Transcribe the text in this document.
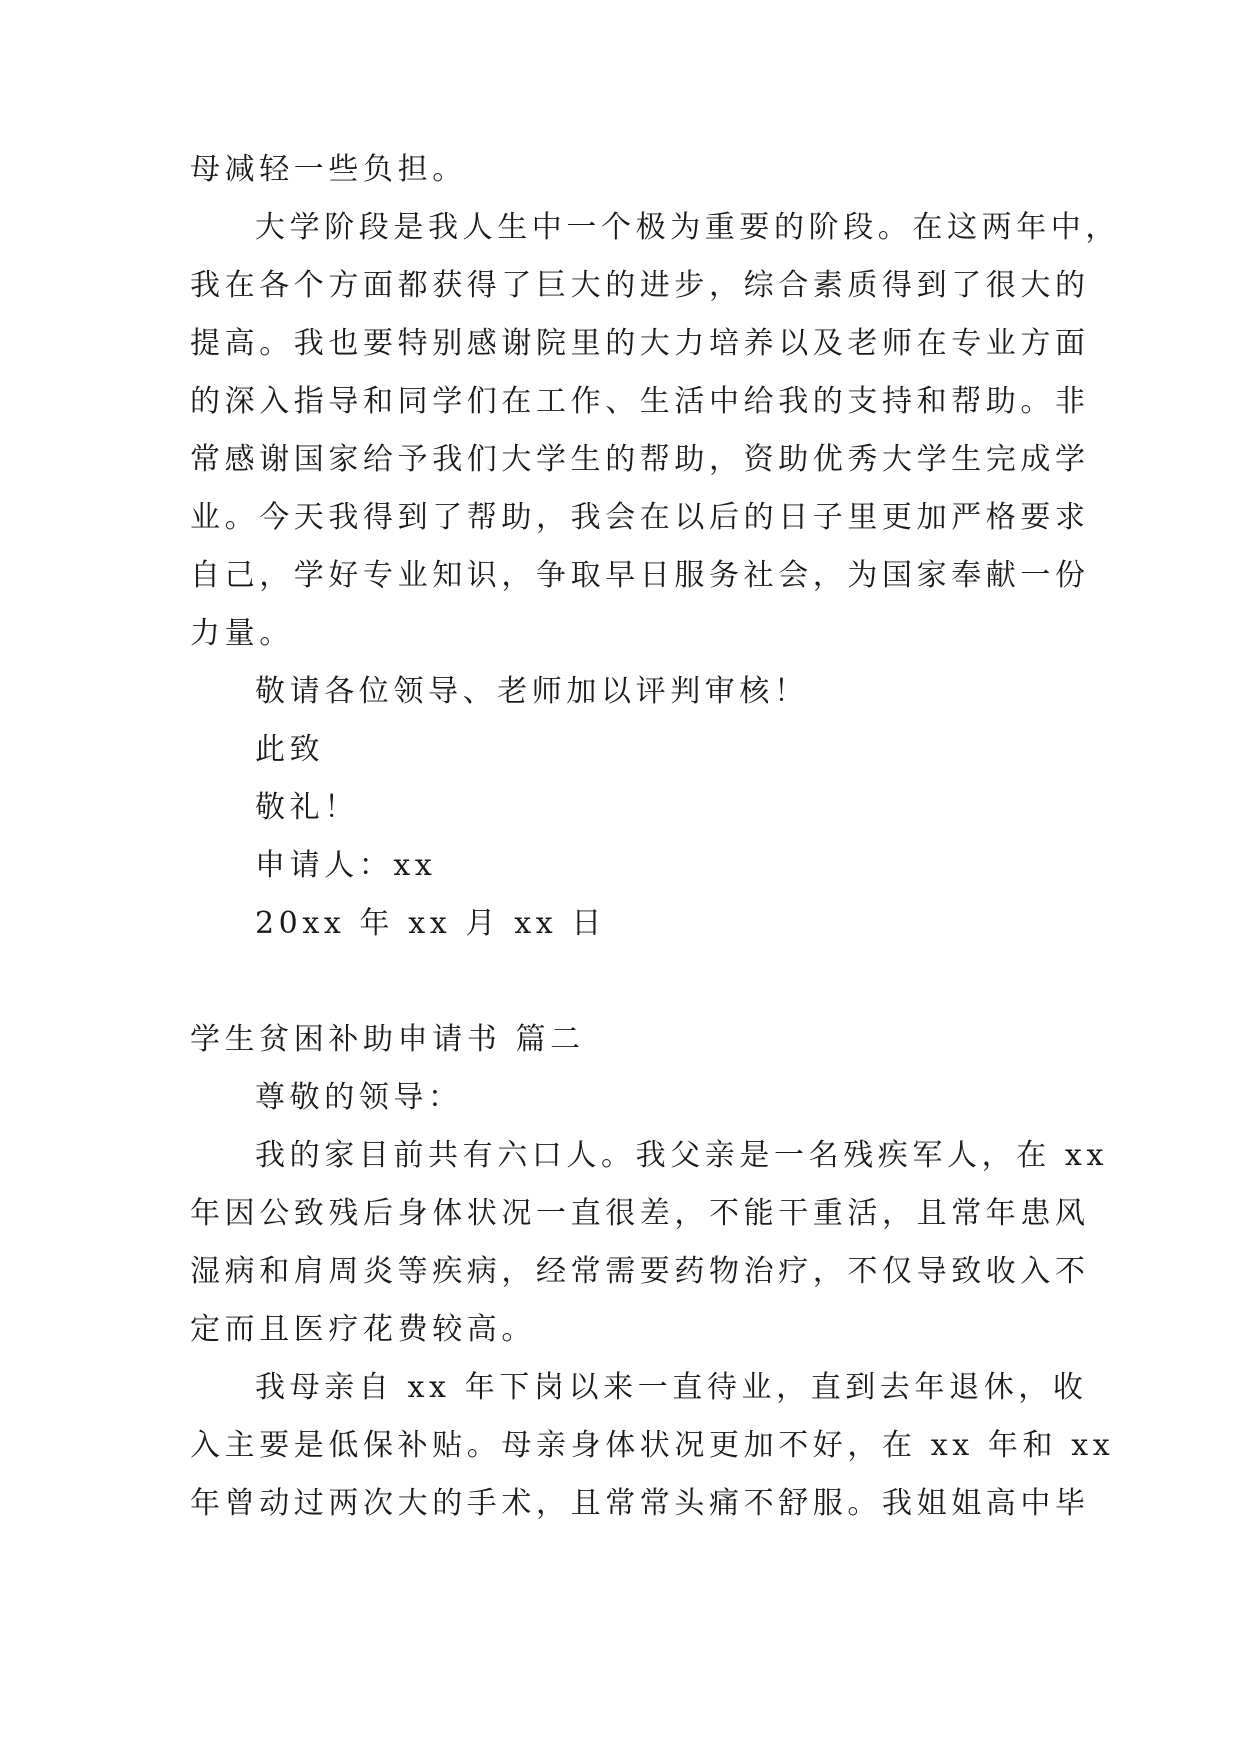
母减轻一些负担。
大学阶段是我人生中一个极为重要的阶段。在这两年中，
我在各个方面都获得了巨大的进步，综合素质得到了很大的
提高。我也要特别感谢院里的大力培养以及老师在专业方面
的深入指导和同学们在工作、生活中给我的支持和帮助。非
常感谢国家给予我们大学生的帮助，资助优秀大学生完成学
业。今天我得到了帮助，我会在以后的日子里更加严格要求
自己，学好专业知识，争取早日服务社会，为国家奉献一份
力量。
敬请各位领导、老师加以评判审核！
此致
敬礼！
申请人：xx
20xx 年 xx 月 xx 日
学生贫困补助申请书 篇二
尊敬的领导：
我的家目前共有六口人。我父亲是一名残疾军人，在 xx
年因公致残后身体状况一直很差，不能干重活，且常年患风
湿病和肩周炎等疾病，经常需要药物治疗，不仅导致收入不
定而且医疗花费较高。
我母亲自 xx 年下岗以来一直待业，直到去年退休，收
入主要是低保补贴。母亲身体状况更加不好，在 xx 年和 xx
年曾动过两次大的手术，且常常头痛不舒服。我姐姐高中毕
